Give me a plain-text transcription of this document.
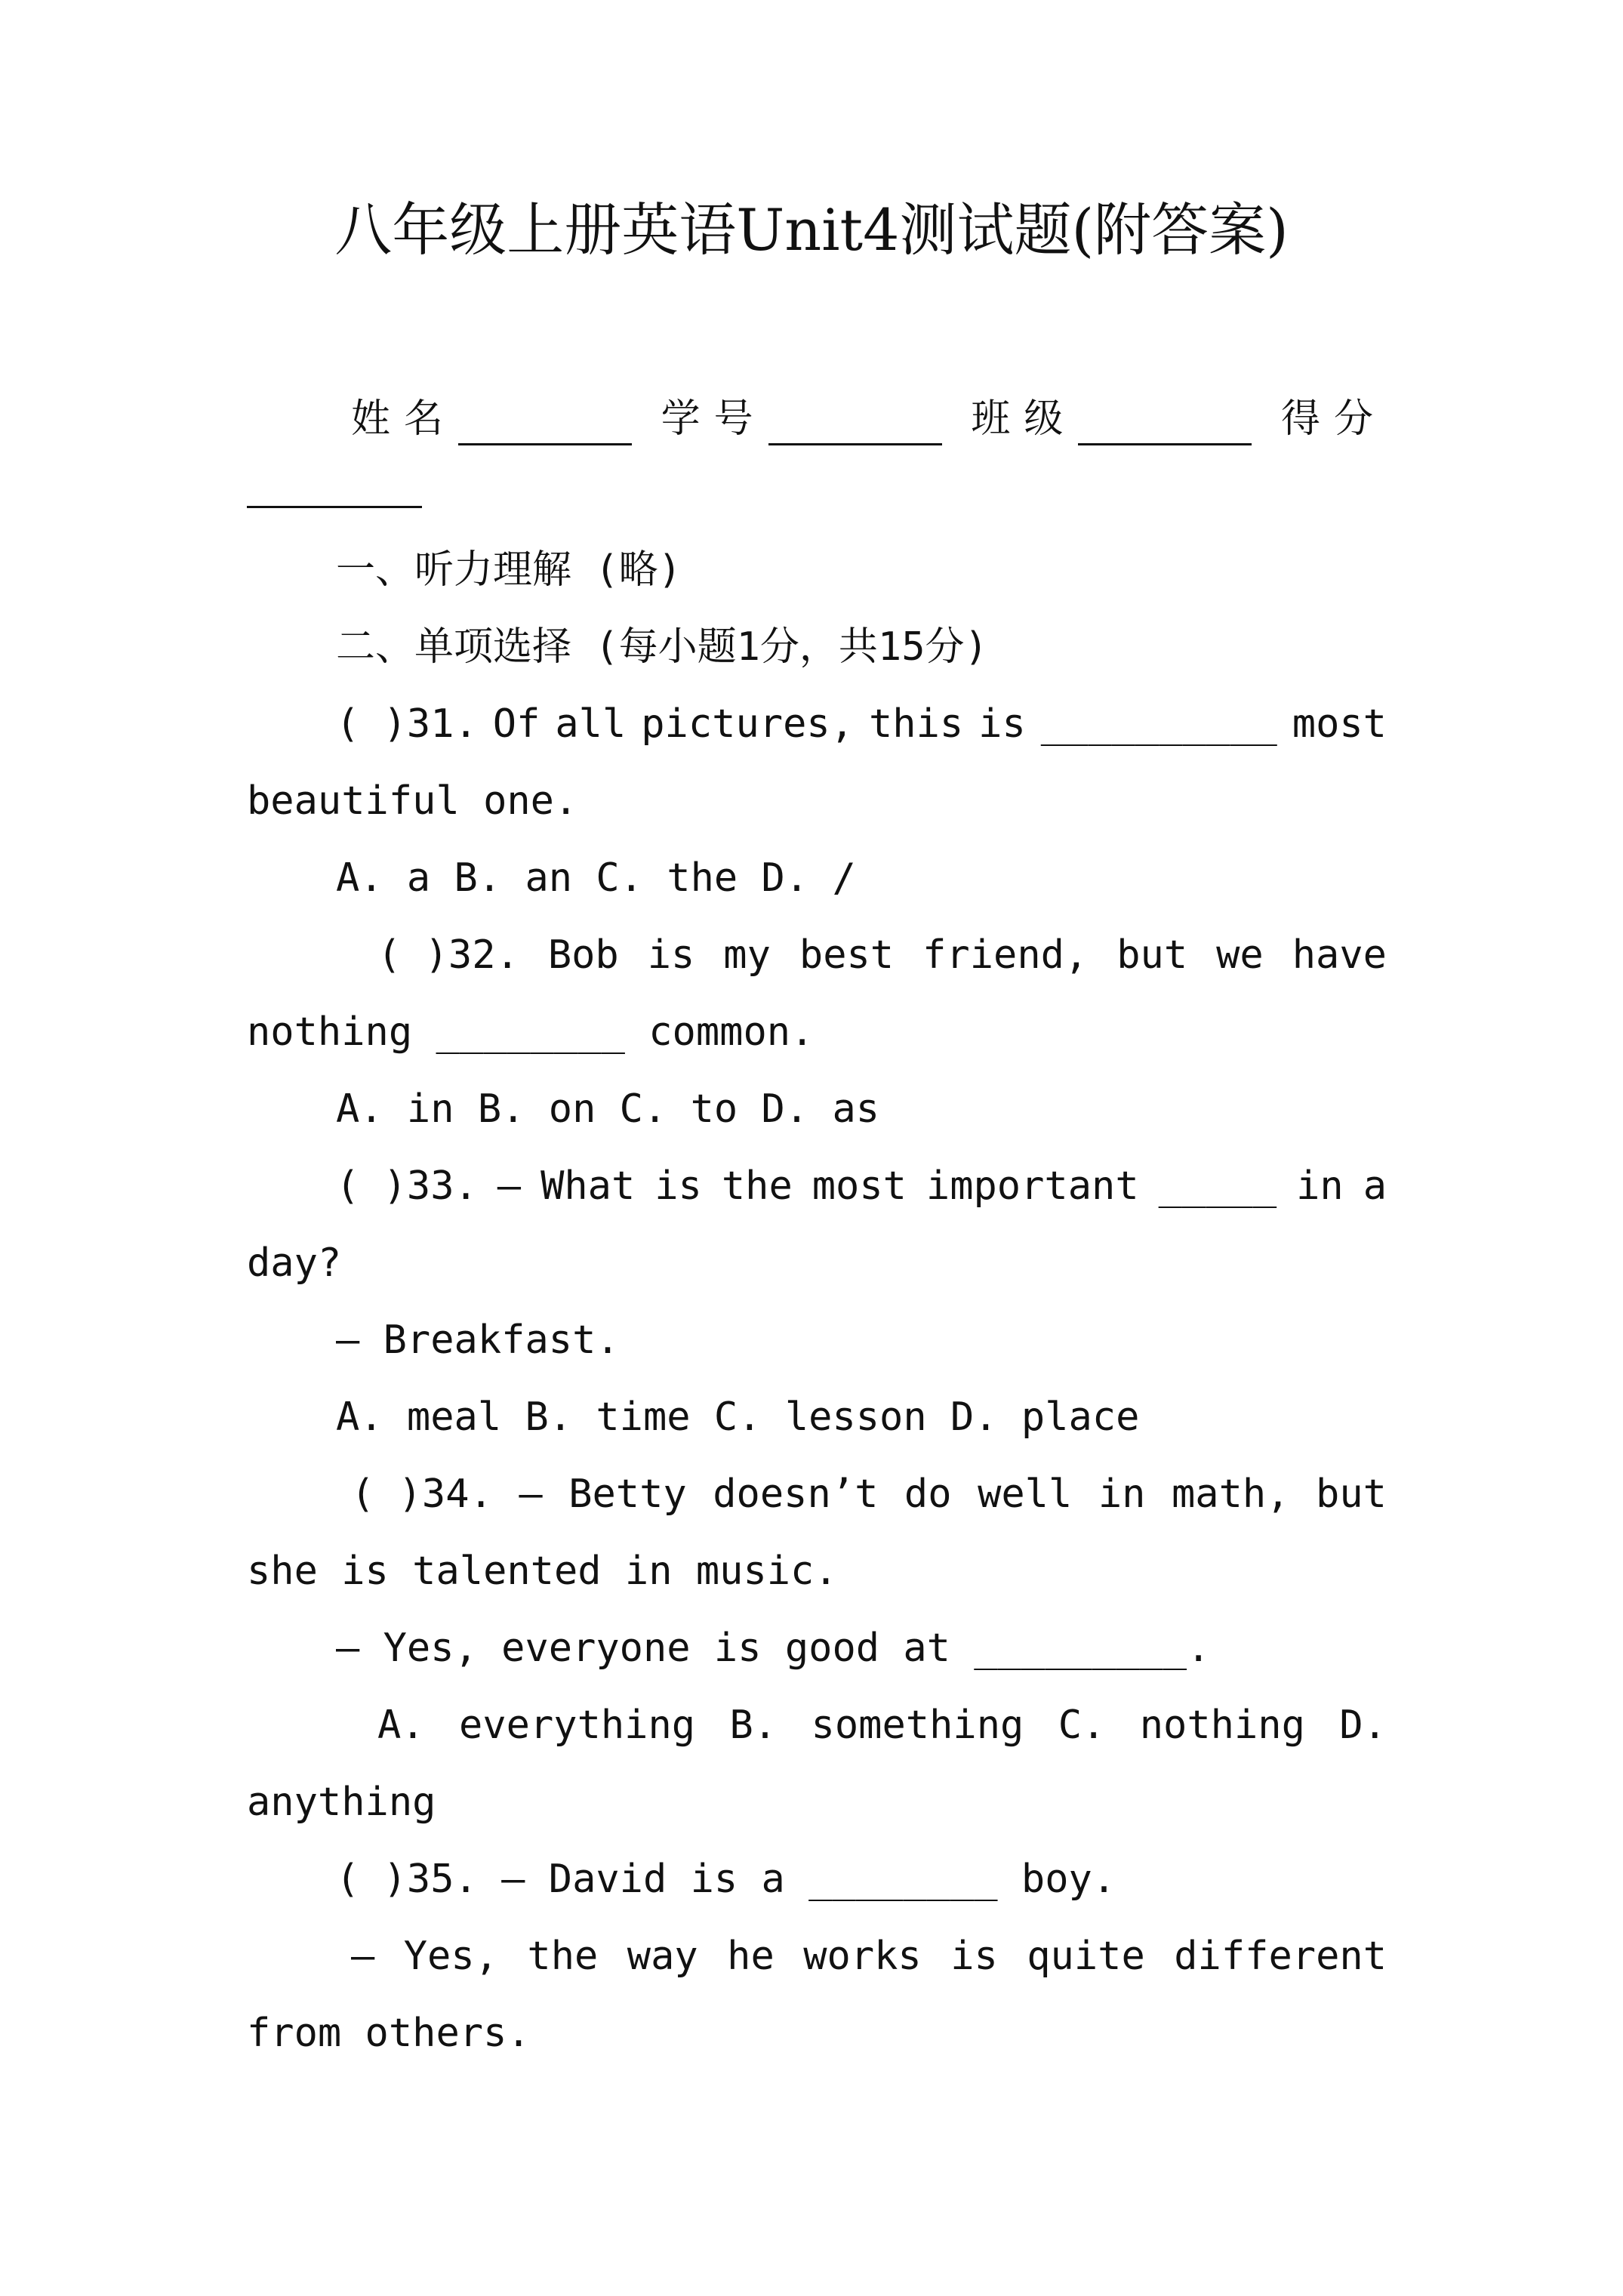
八年级上册英语Unit4测试题(附答案)
姓名	学号	班级	得分
一、听力理解 (略)
二、单项选择 (每小题1分，共15分)
( )31. Of all pictures, this is __________ most
beautiful one.
A. a B. an C. the D. /
( )32. Bob is my best friend, but we have
nothing ________ common.
A. in B. on C. to D. as
( )33. — What is the most important _____ in a
day?
— Breakfast.
A. meal B. time C. lesson D. place
( )34. — Betty doesn’t do well in math, but
she is talented in music.
— Yes, everyone is good at _________.
A. everything B. something C. nothing D.
anything
( )35. — David is a ________ boy.
— Yes, the way he works is quite different
from others.
